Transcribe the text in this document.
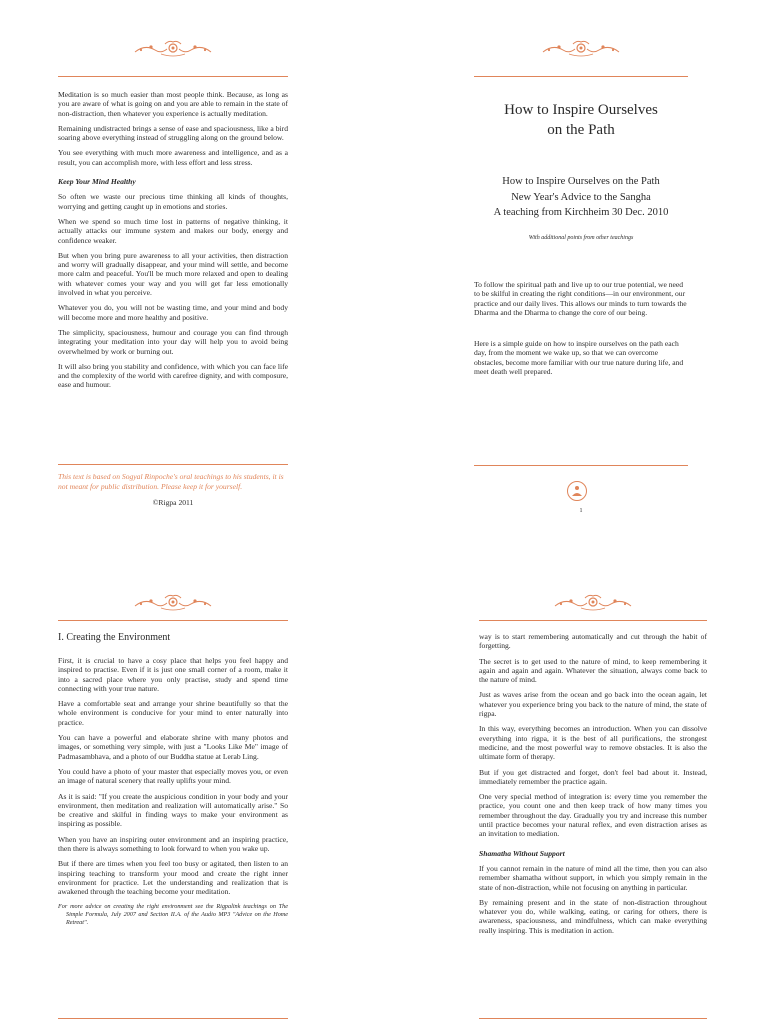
Meditation is so much easier than most people think. Because, as long as you are aware of what is going on and you are able to remain in the state of non-distraction, then whatever you experience is actually meditation.

Remaining undistracted brings a sense of ease and spaciousness, like a bird soaring above everything instead of struggling along on the ground below.

You see everything with much more awareness and intelligence, and as a result, you can accomplish more, with less effort and less stress.

Keep Your Mind Healthy

So often we waste our precious time thinking all kinds of thoughts, worrying and getting caught up in emotions and stories.

When we spend so much time lost in patterns of negative thinking, it actually attacks our immune system and makes our body, energy and confidence weaker.

But when you bring pure awareness to all your activities, then distraction and worry will gradually disappear, and your mind will settle, and become more calm and peaceful. You'll be much more relaxed and open to dealing with whatever comes your way and you will get far less emotionally involved in what you perceive.

Whatever you do, you will not be wasting time, and your mind and body will become more and more healthy and positive.

The simplicity, spaciousness, humour and courage you can find through integrating your meditation into your day will help you to avoid being overwhelmed by work or burning out.

It will also bring you stability and confidence, with which you can face life and the complexity of the world with carefree dignity, and with composure, ease and humour.

This text is based on Sogyal Rinpoche's oral teachings to his students, it is not meant for public distribution. Please keep it for yourself.
©Rigpa 2011
How to Inspire Ourselves
on the Path
How to Inspire Ourselves on the Path
New Year's Advice to the Sangha
A teaching from Kirchheim 30 Dec. 2010
With additional points from other teachings

To follow the spiritual path and live up to our true potential, we need to be skilful in creating the right conditions—in our environment, our practice and our daily lives. This allows our minds to turn towards the Dharma and the Dharma to change the core of our being.

Here is a simple guide on how to inspire ourselves on the path each day, from the moment we wake up, so that we can overcome obstacles, become more familiar with our true nature during life, and meet death well prepared.

1
I. Creating the Environment

First, it is crucial to have a cosy place that helps you feel happy and inspired to practise. Even if it is just one small corner of a room, make it into a sacred place where you only practise, study and spend time connecting with your true nature.

Have a comfortable seat and arrange your shrine beautifully so that the whole environment is conducive for your mind to enter naturally into practice.

You can have a powerful and elaborate shrine with many photos and images, or something very simple, with just a "Looks Like Me" image of Padmasambhava, and a photo of our Buddha statue at Lerab Ling.

You could have a photo of your master that especially moves you, or even an image of natural scenery that really uplifts your mind.

As it is said: "If you create the auspicious condition in your body and your environment, then meditation and realization will automatically arise." So be creative and skilful in finding ways to make your environment as inspiring as possible.

When you have an inspiring outer environment and an inspiring practice, then there is always something to look forward to when you wake up.

But if there are times when you feel too busy or agitated, then listen to an inspiring teaching to transform your mood and create the right inner environment for practice. Let the understanding and realization that is awakened through the teaching become your meditation.

For more advice on creating the right environment see the Rigpalink teachings on The Simple Formula, July 2007 and Section II.A. of the Audio MP3 "Advice on the Home Retreat".

way is to start remembering automatically and cut through the habit of forgetting.

The secret is to get used to the nature of mind, to keep remembering it again and again and again. Whatever the situation, always come back to the nature of mind.

Just as waves arise from the ocean and go back into the ocean again, let whatever you experience bring you back to the nature of mind, the state of rigpa.

In this way, everything becomes an introduction. When you can dissolve everything into rigpa, it is the best of all purifications, the strongest medicine, and the most powerful way to remove obstacles. It is also the ultimate form of therapy.

But if you get distracted and forget, don't feel bad about it. Instead, immediately remember the practice again.

One very special method of integration is: every time you remember the practice, you count one and then keep track of how many times you remember throughout the day. Gradually you try and increase this number until practice becomes your natural reflex, and even distraction arises as an invitation to mediation.

Shamatha Without Support

If you cannot remain in the nature of mind all the time, then you can also remember shamatha without support, in which you simply remain in the state of non-distraction, while not focusing on anything in particular.

By remaining present and in the state of non-distraction throughout whatever you do, while walking, eating, or caring for others, there is awareness, spaciousness, and mindfulness, which can make everything really inspiring. This is meditation in action.
